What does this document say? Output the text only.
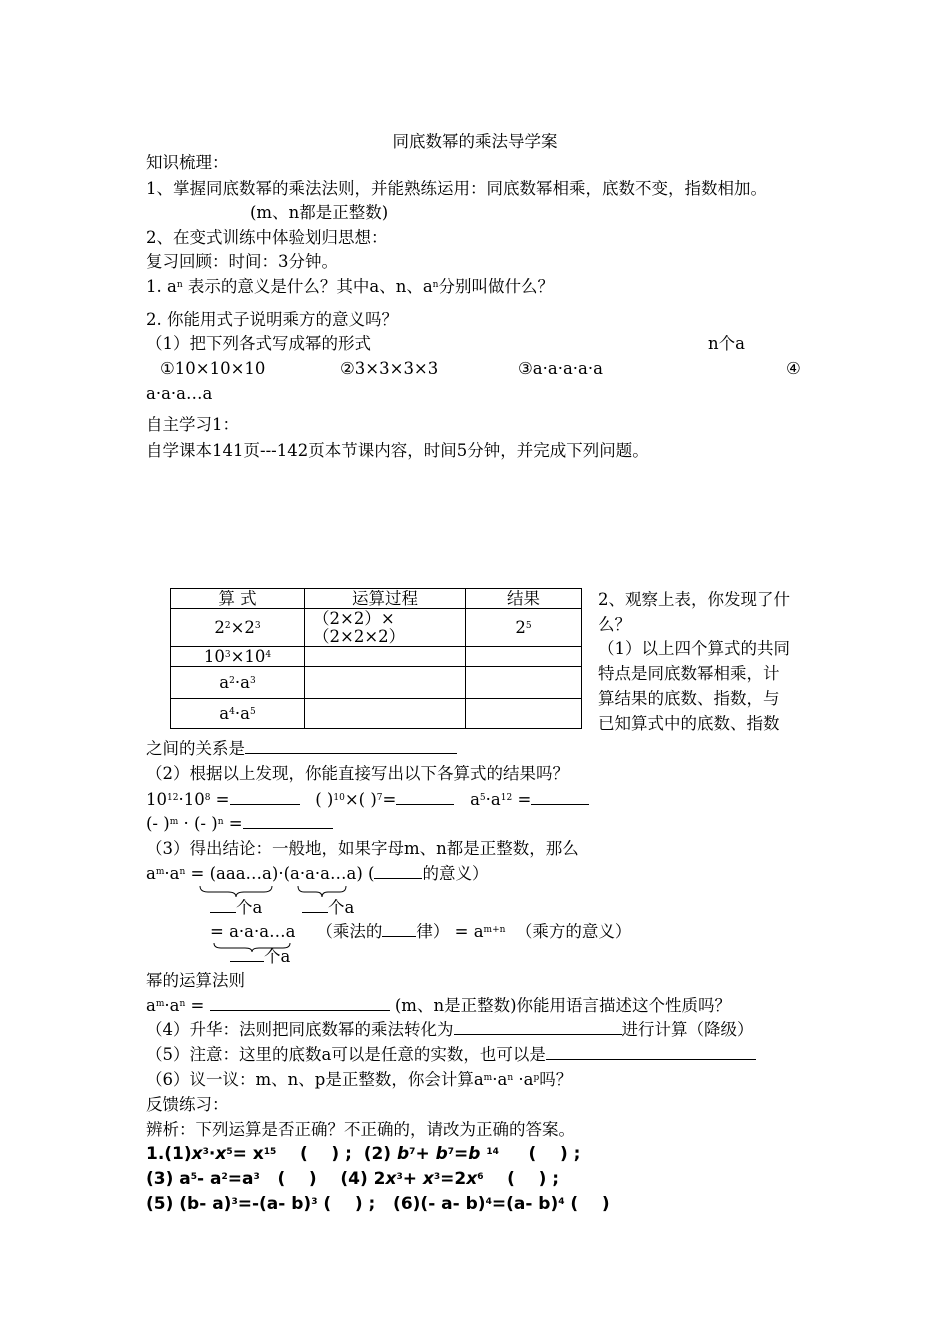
同底数幂的乘法导学案
知识梳理：
1、掌握同底数幂的乘法法则，并能熟练运用：同底数幂相乘，底数不变，指数相加。
(m、n都是正整数)
2、在变式训练中体验划归思想：
复习回顾：时间：3分钟。
1. $a^n$ 表示的意义是什么？其中a、n、$a^n$分别叫做什么？
2. 你能用式子说明乘方的意义吗？
（1）把下列各式写成幂的形式	n个a
①10×10×10	②3×3×3×3	③a·a·a·a·a	④
a·a·a…a
自主学习1：
自学课本141页---142页本节课内容，时间5分钟，并完成下列问题。
算 式	运算过程	结果
$2^2\times 2^3$	（2×2）×（2×2×2）	$2^5$
$10^3\times 10^4$		
$a^2\cdot a^3$		
$a^4\cdot a^5$		
2、观察上表，你发现了什
么？
（1）以上四个算式的共同
特点是同底数幂相乘，计
算结果的底数、指数，与
已知算式中的底数、指数
之间的关系是
（2）根据以上发现，你能直接写出以下各算式的结果吗？
$10^{12}\cdot 10^8$ =	( )$^{10}$×( )$^7$=	$a^5\cdot a^{12}$ =
(- )$^m$ · (- )$^n$ =
（3）得出结论：一般地，如果字母m、n都是正整数，那么
$a^m\cdot a^n$ = (aaa…a)·(a·a·a…a) (	的意义）
个a	个a
= a·a·a…a    （乘法的 律） = $a^{m+n}$ （乘方的意义）
个a
幂的运算法则
$a^m\cdot a^n$ =	(m、n是正整数)你能用语言描述这个性质吗？
（4）升华：法则把同底数幂的乘法转化为	进行计算（降级）
（5）注意：这里的底数a可以是任意的实数，也可以是
（6）议一议：m、n、p是正整数，你会计算$a^m\cdot a^n \cdot a^p$吗？
反馈练习：
辨析：下列运算是否正确？不正确的，请改为正确的答案。
$1.(1)x^3\cdot x^5= x^{15}$    (    ) ;  (2) $b^7+ b^7=b$ $^{14}$     (    ) ;
(3) $a^5-$ $a^2=a^3$   (    )    (4) $2x^3+ x^3=2x^6$    (    ) ;
(5) (b- a)$^3$=-(a- b)$^3$ (    ) ;   (6)(- a- b)$^4$=(a- b)$^4$ (    )
